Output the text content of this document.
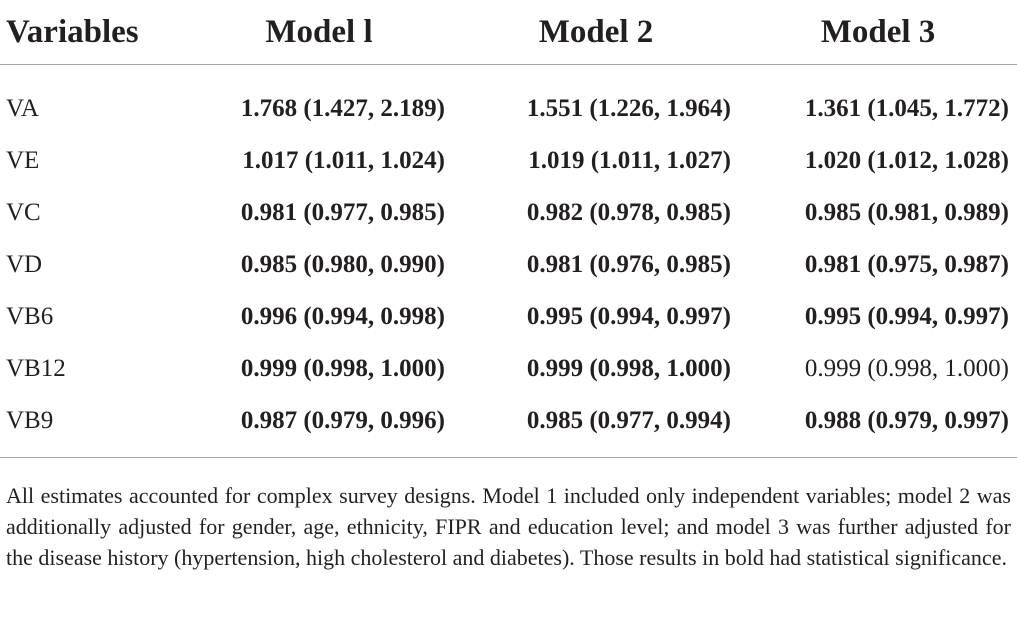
Variables	Model l	Model 2	Model 3
VA	1.768 (1.427, 2.189)	1.551 (1.226, 1.964)	1.361 (1.045, 1.772)
VE	1.017 (1.011, 1.024)	1.019 (1.011, 1.027)	1.020 (1.012, 1.028)
VC	0.981 (0.977, 0.985)	0.982 (0.978, 0.985)	0.985 (0.981, 0.989)
VD	0.985 (0.980, 0.990)	0.981 (0.976, 0.985)	0.981 (0.975, 0.987)
VB6	0.996 (0.994, 0.998)	0.995 (0.994, 0.997)	0.995 (0.994, 0.997)
VB12	0.999 (0.998, 1.000)	0.999 (0.998, 1.000)	0.999 (0.998, 1.000)
VB9	0.987 (0.979, 0.996)	0.985 (0.977, 0.994)	0.988 (0.979, 0.997)
All estimates accounted for complex survey designs. Model 1 included only independent variables; model 2 was additionally adjusted for gender, age, ethnicity, FIPR and education level; and model 3 was further adjusted for the disease history (hypertension, high cholesterol and diabetes). Those results in bold had statistical significance.
